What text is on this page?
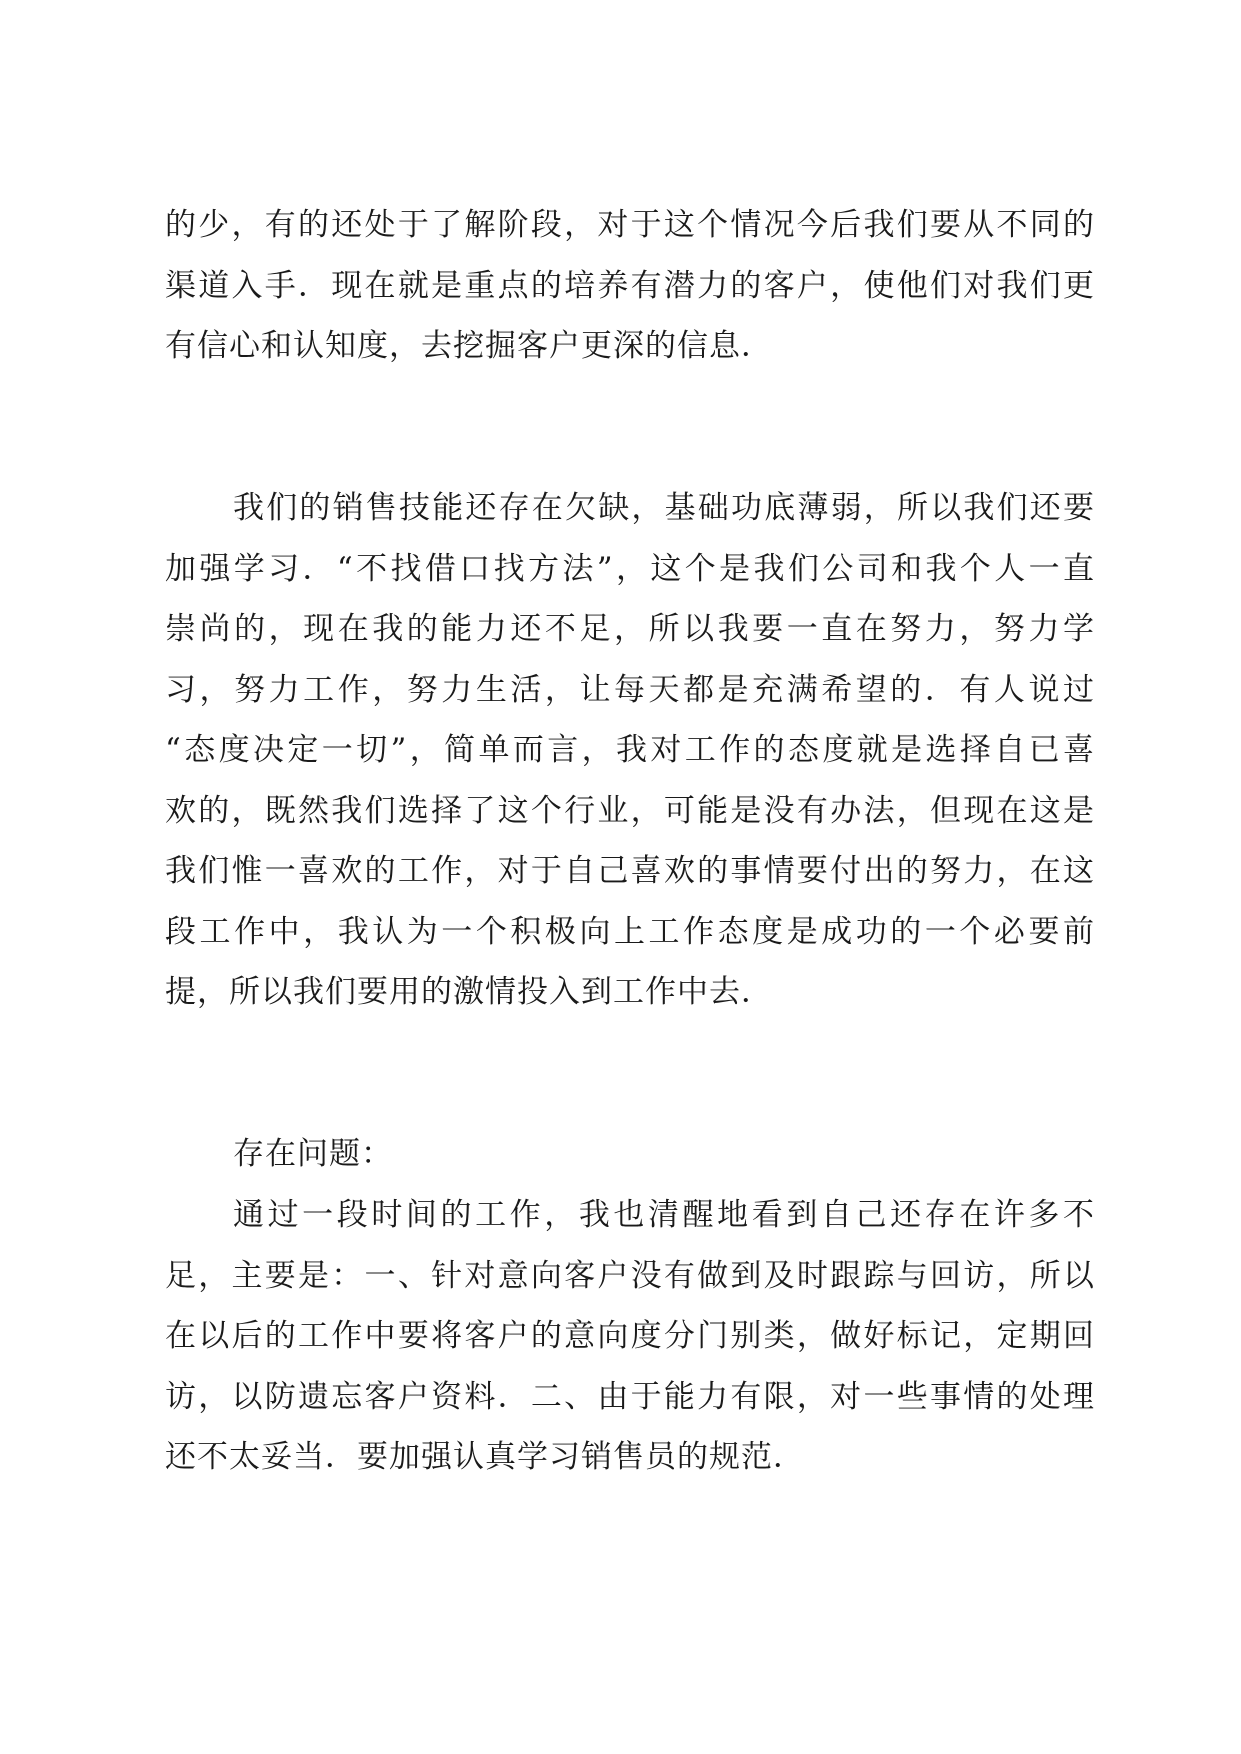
的少，有的还处于了解阶段，对于这个情况今后我们要从不同的
渠道入手．现在就是重点的培养有潜力的客户，使他们对我们更
有信心和认知度，去挖掘客户更深的信息．
我们的销售技能还存在欠缺，基础功底薄弱，所以我们还要
加强学习．“不找借口找方法”，这个是我们公司和我个人一直
崇尚的，现在我的能力还不足，所以我要一直在努力，努力学
习，努力工作，努力生活，让每天都是充满希望的．有人说过
“态度决定一切”，简单而言，我对工作的态度就是选择自已喜
欢的，既然我们选择了这个行业，可能是没有办法，但现在这是
我们惟一喜欢的工作，对于自己喜欢的事情要付出的努力，在这
段工作中，我认为一个积极向上工作态度是成功的一个必要前
提，所以我们要用的激情投入到工作中去．
存在问题：
通过一段时间的工作，我也清醒地看到自己还存在许多不
足，主要是：一、针对意向客户没有做到及时跟踪与回访，所以
在以后的工作中要将客户的意向度分门别类，做好标记，定期回
访，以防遗忘客户资料．二、由于能力有限，对一些事情的处理
还不太妥当．要加强认真学习销售员的规范．
